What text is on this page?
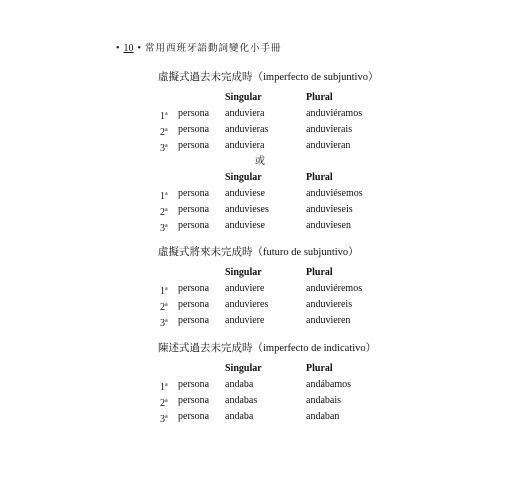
• 10 • 常用西班牙語動詞變化小手冊
虛擬式過去未完成時（imperfecto de subjuntivo）
Singular	Plural
1$^a$ persona anduviera	anduviéramos
2$^a$ persona anduvieras	anduvierais
3$^a$ persona anduviera	anduvieran
或
Singular	Plural
1$^a$ persona anduviese	anduviésemos
2$^a$ persona anduvieses	anduvieseis
3$^a$ persona anduviese	anduviesen
虛擬式將來未完成時（futuro de subjuntivo）
Singular	Plural
1$^a$ persona anduviere	anduviéremos
2$^a$ persona anduvieres	anduviereis
3$^a$ persona anduviere	anduvieren
陳述式過去未完成時（imperfecto de indicativo）
Singular	Plural
1$^a$ persona andaba	andábamos
2$^a$ persona andabas	andabais
3$^a$ persona andaba	andaban
